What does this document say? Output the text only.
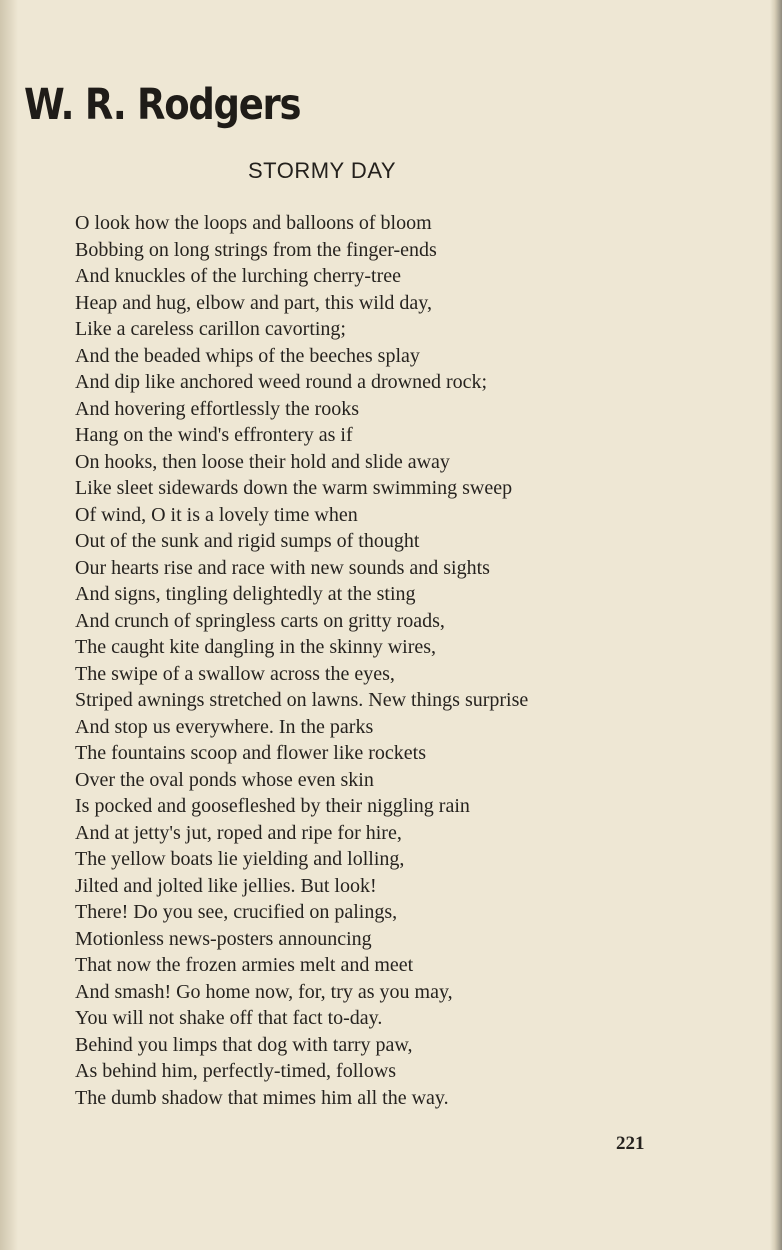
W. R. Rodgers
STORMY DAY
O look how the loops and balloons of bloom
Bobbing on long strings from the finger-ends
And knuckles of the lurching cherry-tree
Heap and hug, elbow and part, this wild day,
Like a careless carillon cavorting;
And the beaded whips of the beeches splay
And dip like anchored weed round a drowned rock;
And hovering effortlessly the rooks
Hang on the wind's effrontery as if
On hooks, then loose their hold and slide away
Like sleet sidewards down the warm swimming sweep
Of wind, O it is a lovely time when
Out of the sunk and rigid sumps of thought
Our hearts rise and race with new sounds and sights
And signs, tingling delightedly at the sting
And crunch of springless carts on gritty roads,
The caught kite dangling in the skinny wires,
The swipe of a swallow across the eyes,
Striped awnings stretched on lawns. New things surprise
And stop us everywhere. In the parks
The fountains scoop and flower like rockets
Over the oval ponds whose even skin
Is pocked and goosefleshed by their niggling rain
And at jetty's jut, roped and ripe for hire,
The yellow boats lie yielding and lolling,
Jilted and jolted like jellies. But look!
There! Do you see, crucified on palings,
Motionless news-posters announcing
That now the frozen armies melt and meet
And smash! Go home now, for, try as you may,
You will not shake off that fact to-day.
Behind you limps that dog with tarry paw,
As behind him, perfectly-timed, follows
The dumb shadow that mimes him all the way.
221
